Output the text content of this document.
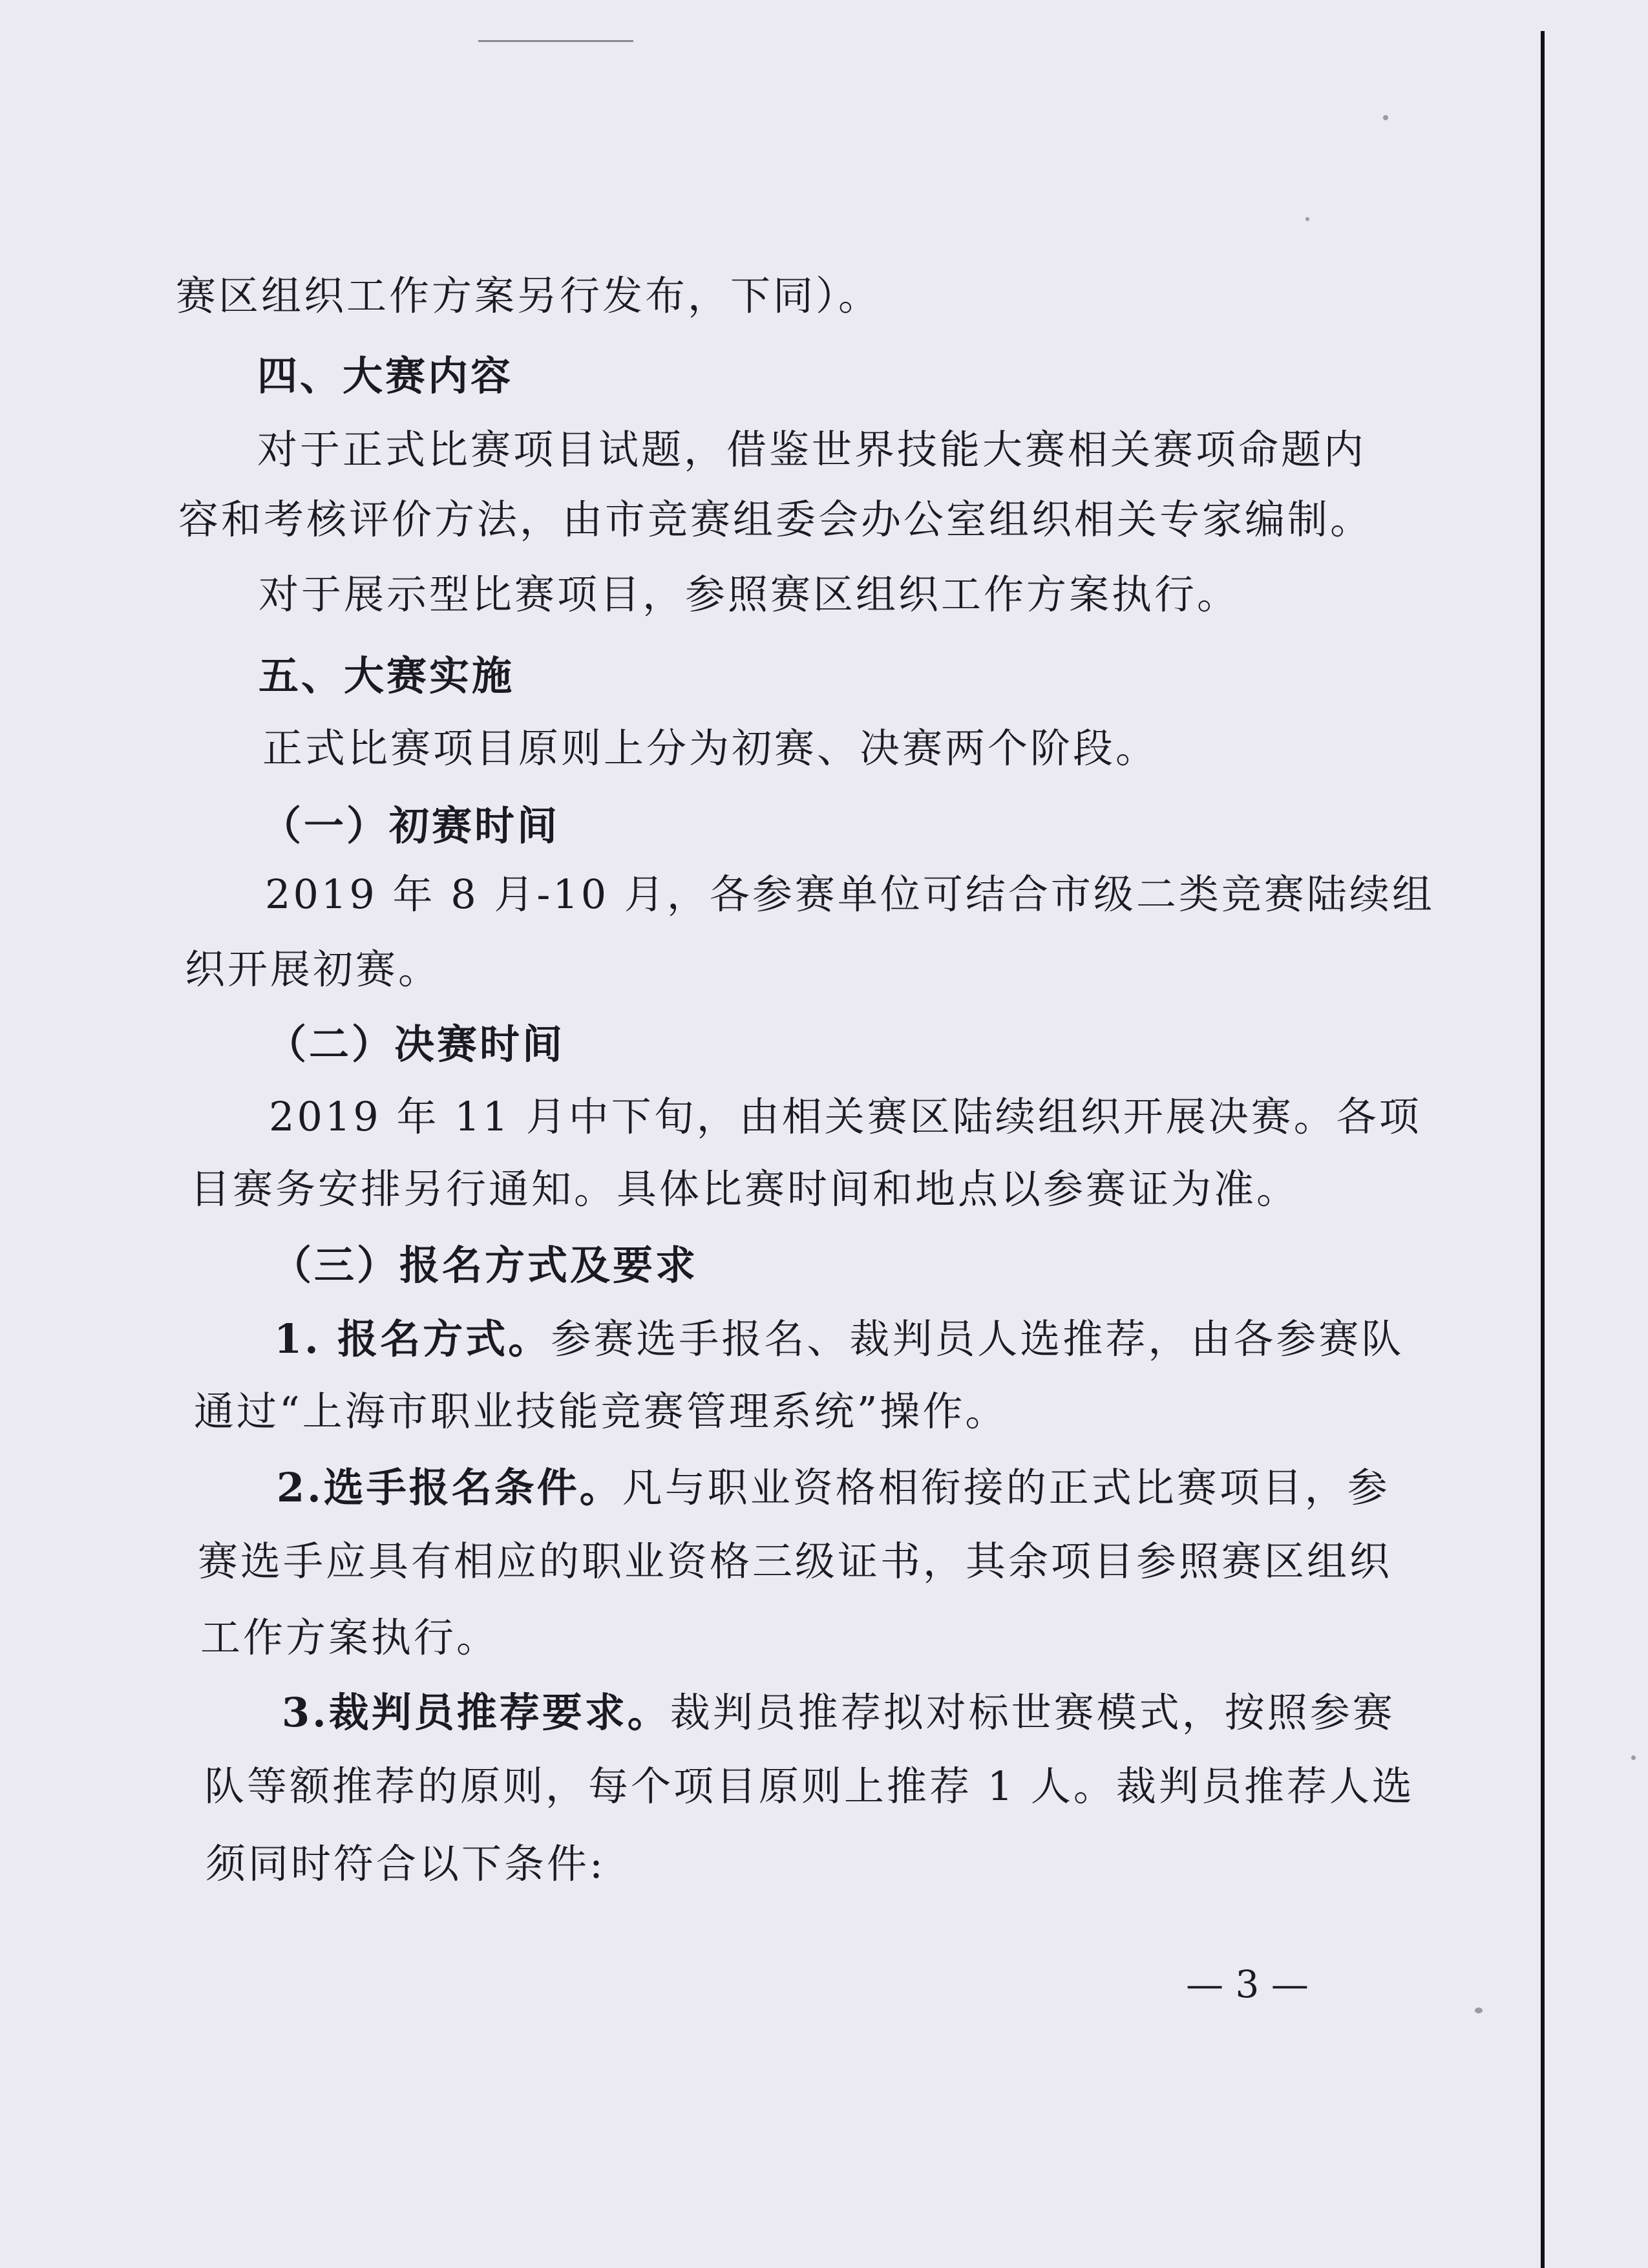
赛区组织工作方案另行发布，下同）。
四、大赛内容
对于正式比赛项目试题，借鉴世界技能大赛相关赛项命题内
容和考核评价方法，由市竞赛组委会办公室组织相关专家编制。
对于展示型比赛项目，参照赛区组织工作方案执行。
五、大赛实施
正式比赛项目原则上分为初赛、决赛两个阶段。
（一）初赛时间
2019 年 8 月-10 月，各参赛单位可结合市级二类竞赛陆续组
织开展初赛。
（二）决赛时间
2019 年 11 月中下旬，由相关赛区陆续组织开展决赛。各项
目赛务安排另行通知。具体比赛时间和地点以参赛证为准。
（三）报名方式及要求
1. 报名方式。参赛选手报名、裁判员人选推荐，由各参赛队
通过“上海市职业技能竞赛管理系统”操作。
2.选手报名条件。凡与职业资格相衔接的正式比赛项目，参
赛选手应具有相应的职业资格三级证书，其余项目参照赛区组织
工作方案执行。
3.裁判员推荐要求。裁判员推荐拟对标世赛模式，按照参赛
队等额推荐的原则，每个项目原则上推荐 1 人。裁判员推荐人选
须同时符合以下条件:
— 3 —
